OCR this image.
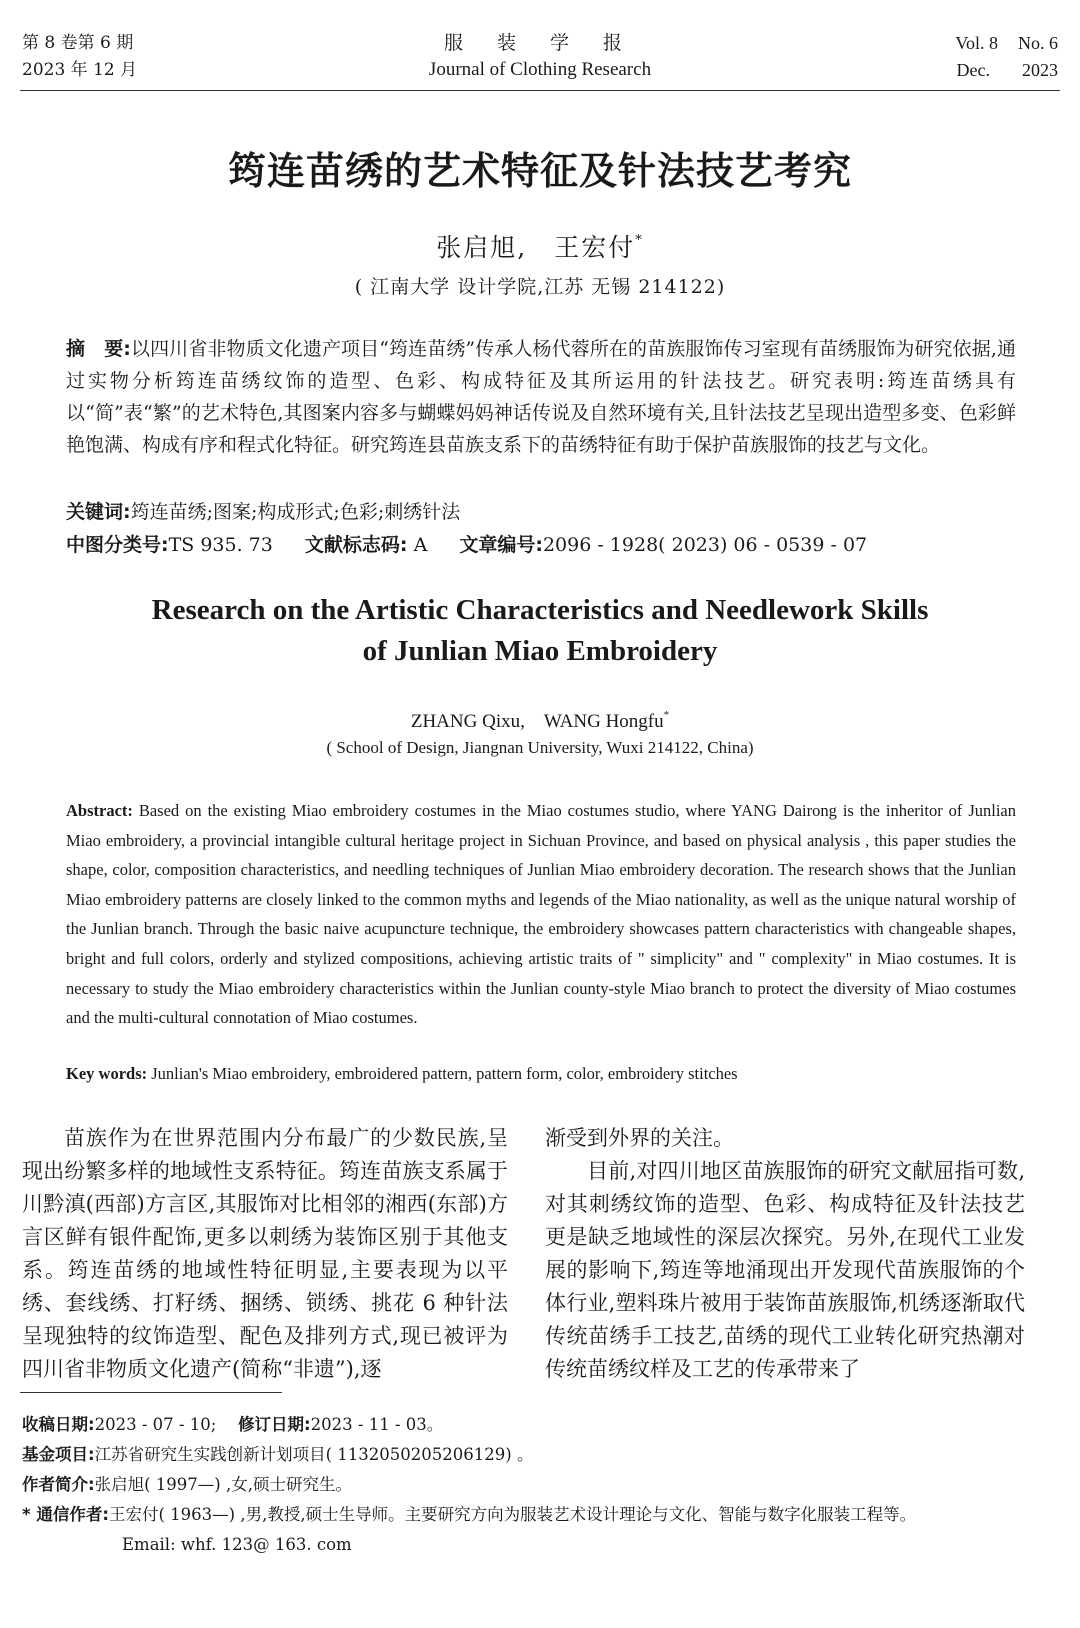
第 8 卷第 6 期
2023 年 12 月
服 装 学 报
Journal of Clothing Research
Vol. 8 No. 6
Dec. 2023
筠连苗绣的艺术特征及针法技艺考究
张启旭,　王宏付*
( 江南大学 设计学院,江苏 无锡 214122)
摘　要:以四川省非物质文化遗产项目“筠连苗绣”传承人杨代蓉所在的苗族服饰传习室现有苗绣服饰为研究依据,通过实物分析筠连苗绣纹饰的造型、色彩、构成特征及其所运用的针法技艺。研究表明:筠连苗绣具有以“简”表“繁”的艺术特色,其图案内容多与蝴蝶妈妈神话传说及自然环境有关,且针法技艺呈现出造型多变、色彩鲜艳饱满、构成有序和程式化特征。研究筠连县苗族支系下的苗绣特征有助于保护苗族服饰的技艺与文化。
关键词:筠连苗绣;图案;构成形式;色彩;刺绣针法
中图分类号:TS 935. 73 文献标志码: A 文章编号:2096 - 1928( 2023) 06 - 0539 - 07
Research on the Artistic Characteristics and Needlework Skills
of Junlian Miao Embroidery
ZHANG Qixu,　WANG Hongfu*
( School of Design, Jiangnan University, Wuxi 214122, China)
Abstract: Based on the existing Miao embroidery costumes in the Miao costumes studio, where YANG Dairong is the inheritor of Junlian Miao embroidery, a provincial intangible cultural heritage project in Sichuan Province, and based on physical analysis , this paper studies the shape, color, composition characteristics, and needling techniques of Junlian Miao embroidery decoration. The research shows that the Junlian Miao embroidery patterns are closely linked to the common myths and legends of the Miao nationality, as well as the unique natural worship of the Junlian branch. Through the basic naive acupuncture technique, the embroidery showcases pattern characteristics with changeable shapes, bright and full colors, orderly and stylized compositions, achieving artistic traits of " simplicity" and " complexity" in Miao costumes. It is necessary to study the Miao embroidery characteristics within the Junlian county-style Miao branch to protect the diversity of Miao costumes and the multi-cultural connotation of Miao costumes.
Key words: Junlian's Miao embroidery, embroidered pattern, pattern form, color, embroidery stitches

苗族作为在世界范围内分布最广的少数民族,呈现出纷繁多样的地域性支系特征。筠连苗族支系属于川黔滇(西部)方言区,其服饰对比相邻的湘西(东部)方言区鲜有银件配饰,更多以刺绣为装饰区别于其他支系。筠连苗绣的地域性特征明显,主要表现为以平绣、套线绣、打籽绣、捆绣、锁绣、挑花 6 种针法呈现独特的纹饰造型、配色及排列方式,现已被评为四川省非物质文化遗产(简称“非遗”),逐

渐受到外界的关注。

目前,对四川地区苗族服饰的研究文献屈指可数,对其刺绣纹饰的造型、色彩、构成特征及针法技艺更是缺乏地域性的深层次探究。另外,在现代工业发展的影响下,筠连等地涌现出开发现代苗族服饰的个体行业,塑料珠片被用于装饰苗族服饰,机绣逐渐取代传统苗绣手工技艺,苗绣的现代工业转化研究热潮对传统苗绣纹样及工艺的传承带来了

收稿日期:2023 - 07 - 10;　 修订日期:2023 - 11 - 03。
基金项目:江苏省研究生实践创新计划项目( 1132050205206129) 。
作者简介:张启旭( 1997—) ,女,硕士研究生。
* 通信作者:王宏付( 1963—) ,男,教授,硕士生导师。主要研究方向为服装艺术设计理论与文化、智能与数字化服装工程等。
Email: whf. 123@ 163. com
